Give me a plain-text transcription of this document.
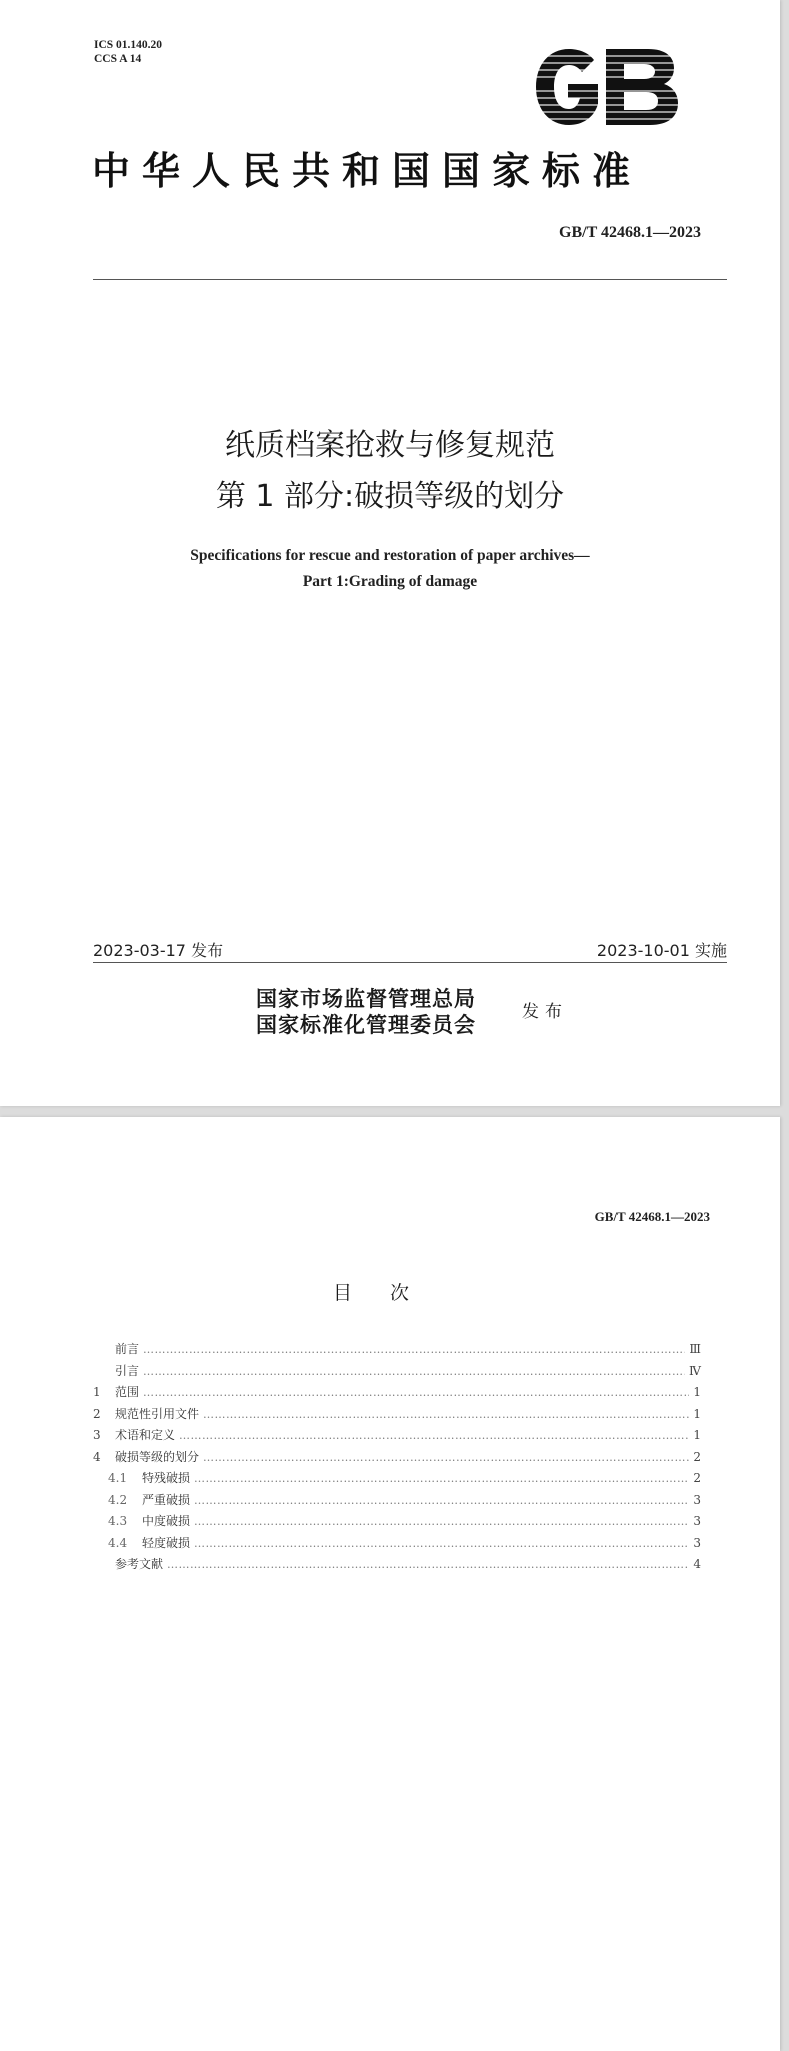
ICS 01.140.20
CCS A 14
中华人民共和国国家标准
GB/T 42468.1—2023
纸质档案抢救与修复规范
第 1 部分:破损等级的划分
Specifications for rescue and restoration of paper archives—
Part 1:Grading of damage
2023-03-17 发布	2023-10-01 实施
国家市场监督管理总局
国家标准化管理委员会	发布
GB/T 42468.1—2023
目次
前言 ……………………………………………………………………………………………………………………………………………………………………………………………	Ⅲ
引言 ……………………………………………………………………………………………………………………………………………………………………………………………	Ⅳ
1	范围 ……………………………………………………………………………………………………………………………………………………………………………………………	1
2	规范性引用文件 ……………………………………………………………………………………………………………………………………………………………………………………………	1
3	术语和定义 ……………………………………………………………………………………………………………………………………………………………………………………………	1
4	破损等级的划分 ……………………………………………………………………………………………………………………………………………………………………………………………	2
4.1	特残破损 ……………………………………………………………………………………………………………………………………………………………………………………………	2
4.2	严重破损 ……………………………………………………………………………………………………………………………………………………………………………………………	3
4.3	中度破损 ……………………………………………………………………………………………………………………………………………………………………………………………	3
4.4	轻度破损 ……………………………………………………………………………………………………………………………………………………………………………………………	3
参考文献 ……………………………………………………………………………………………………………………………………………………………………………………………	4
